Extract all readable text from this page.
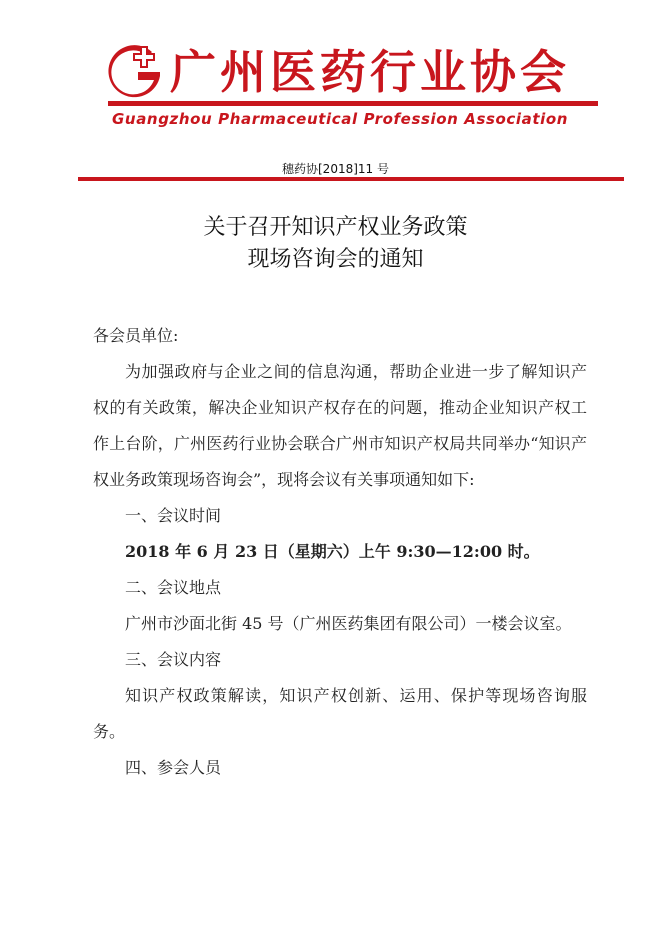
广州医药行业协会
Guangzhou Pharmaceutical Profession Association
穗药协[2018]11 号
关于召开知识产权业务政策
现场咨询会的通知

各会员单位:

为加强政府与企业之间的信息沟通，帮助企业进一步了解知识产权的有关政策，解决企业知识产权存在的问题，推动企业知识产权工作上台阶，广州医药行业协会联合广州市知识产权局共同举办“知识产权业务政策现场咨询会”，现将会议有关事项通知如下:

一、会议时间

2018 年 6 月 23 日（星期六）上午 9:30—12:00 时。

二、会议地点

广州市沙面北街 45 号（广州医药集团有限公司）一楼会议室。

三、会议内容

知识产权政策解读，知识产权创新、运用、保护等现场咨询服务。

四、参会人员
